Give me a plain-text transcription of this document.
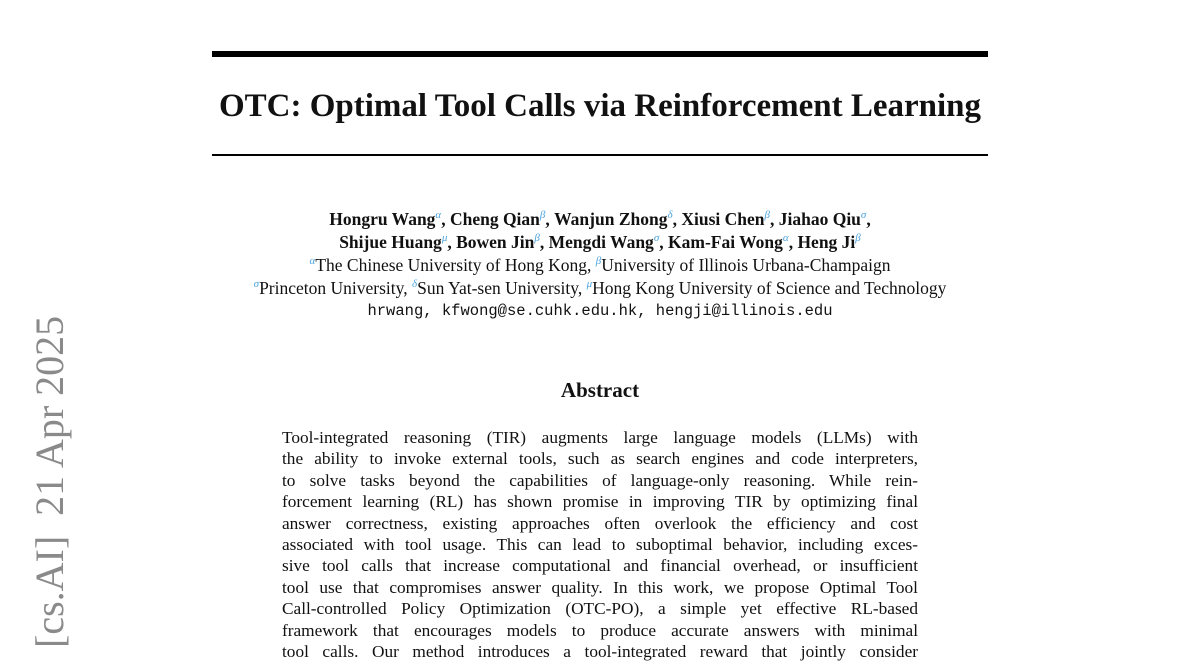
OTC: Optimal Tool Calls via Reinforcement Learning
Hongru Wang$^\alpha$, Cheng Qian$^\beta$, Wanjun Zhong$^\delta$, Xiusi Chen$^\beta$, Jiahao Qiu$^\sigma$,
Shijue Huang$^\mu$, Bowen Jin$^\beta$, Mengdi Wang$^\sigma$, Kam-Fai Wong$^\alpha$, Heng $Ji^\beta$
$^\alpha$The Chinese University of Hong Kong, $^\beta$University of Illinois Urbana-Champaign
$^\sigma$Princeton University, $^\delta$Sun Yat-sen University, $^\mu$Hong Kong University of Science and Technology
hrwang, kfwong@se.cuhk.edu.hk, hengji@illinois.edu
Abstract
Tool-integrated reasoning (TIR) augments large language models (LLMs) with
the ability to invoke external tools, such as search engines and code interpreters,
to solve tasks beyond the capabilities of language-only reasoning. While rein-
forcement learning (RL) has shown promise in improving TIR by optimizing final
answer correctness, existing approaches often overlook the efficiency and cost
associated with tool usage. This can lead to suboptimal behavior, including exces-
sive tool calls that increase computational and financial overhead, or insufficient
tool use that compromises answer quality. In this work, we propose Optimal Tool
Call-controlled Policy Optimization (OTC-PO), a simple yet effective RL-based
framework that encourages models to produce accurate answers with minimal
tool calls. Our method introduces a tool-integrated reward that jointly consider
[cs.AI]  21 Apr 2025
